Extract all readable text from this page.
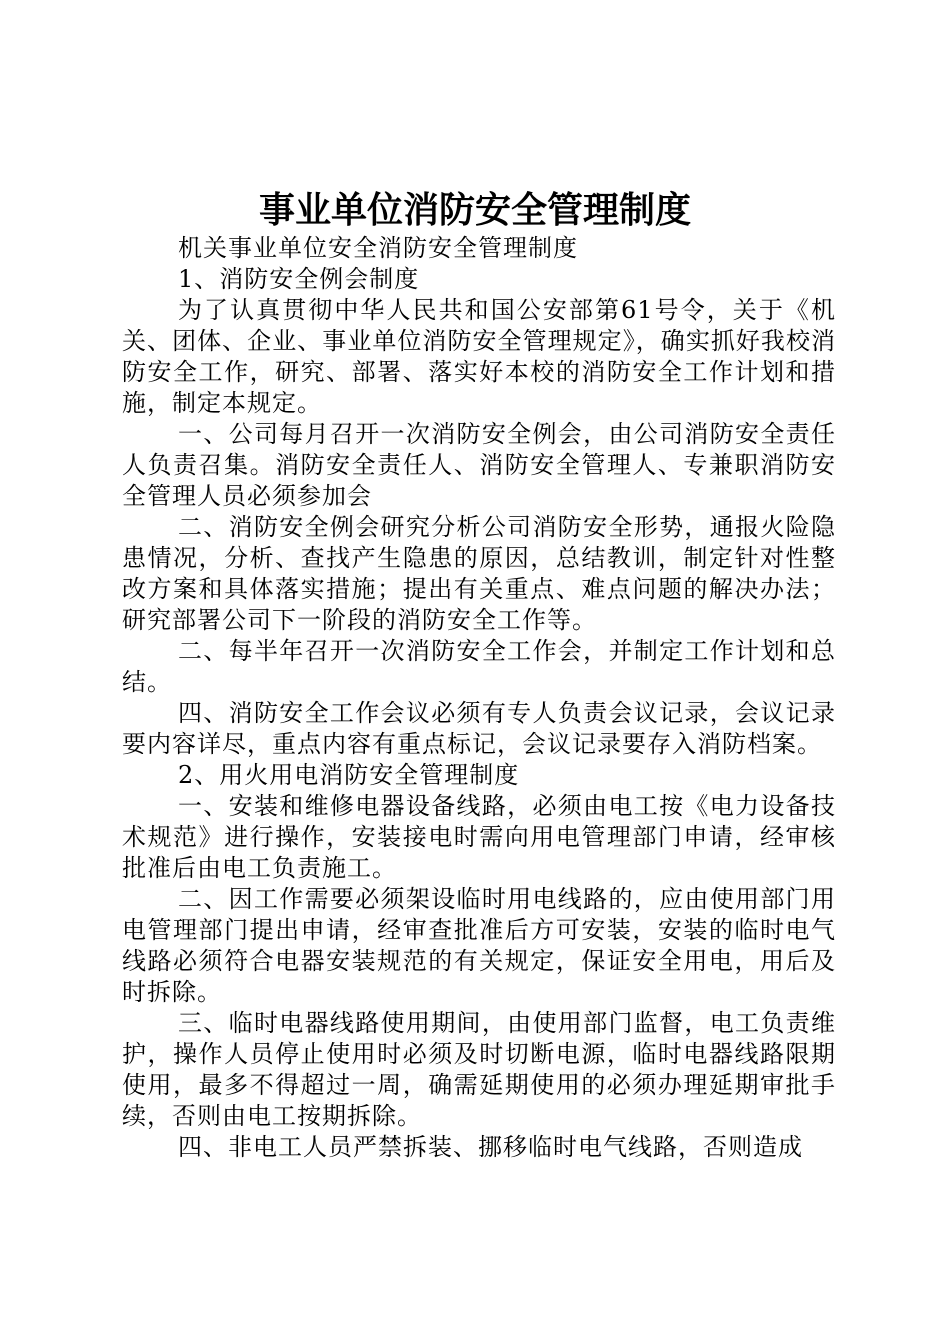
事业单位消防安全管理制度

机关事业单位安全消防安全管理制度

1、消防安全例会制度

为了认真贯彻中华人民共和国公安部第61号令，关于《机关、团体、企业、事业单位消防安全管理规定》，确实抓好我校消防安全工作，研究、部署、落实好本校的消防安全工作计划和措施，制定本规定。

一、公司每月召开一次消防安全例会，由公司消防安全责任人负责召集。消防安全责任人、消防安全管理人、专兼职消防安全管理人员必须参加会

二、消防安全例会研究分析公司消防安全形势，通报火险隐患情况，分析、查找产生隐患的原因，总结教训，制定针对性整改方案和具体落实措施；提出有关重点、难点问题的解决办法；研究部署公司下一阶段的消防安全工作等。

二、每半年召开一次消防安全工作会，并制定工作计划和总结。

四、消防安全工作会议必须有专人负责会议记录，会议记录要内容详尽，重点内容有重点标记，会议记录要存入消防档案。

2、用火用电消防安全管理制度

一、安装和维修电器设备线路，必须由电工按《电力设备技术规范》进行操作，安装接电时需向用电管理部门申请，经审核批准后由电工负责施工。

二、因工作需要必须架设临时用电线路的，应由使用部门用电管理部门提出申请，经审查批准后方可安装，安装的临时电气线路必须符合电器安装规范的有关规定，保证安全用电，用后及时拆除。

三、临时电器线路使用期间，由使用部门监督，电工负责维护，操作人员停止使用时必须及时切断电源，临时电器线路限期使用，最多不得超过一周，确需延期使用的必须办理延期审批手续，否则由电工按期拆除。

四、非电工人员严禁拆装、挪移临时电气线路，否则造成
